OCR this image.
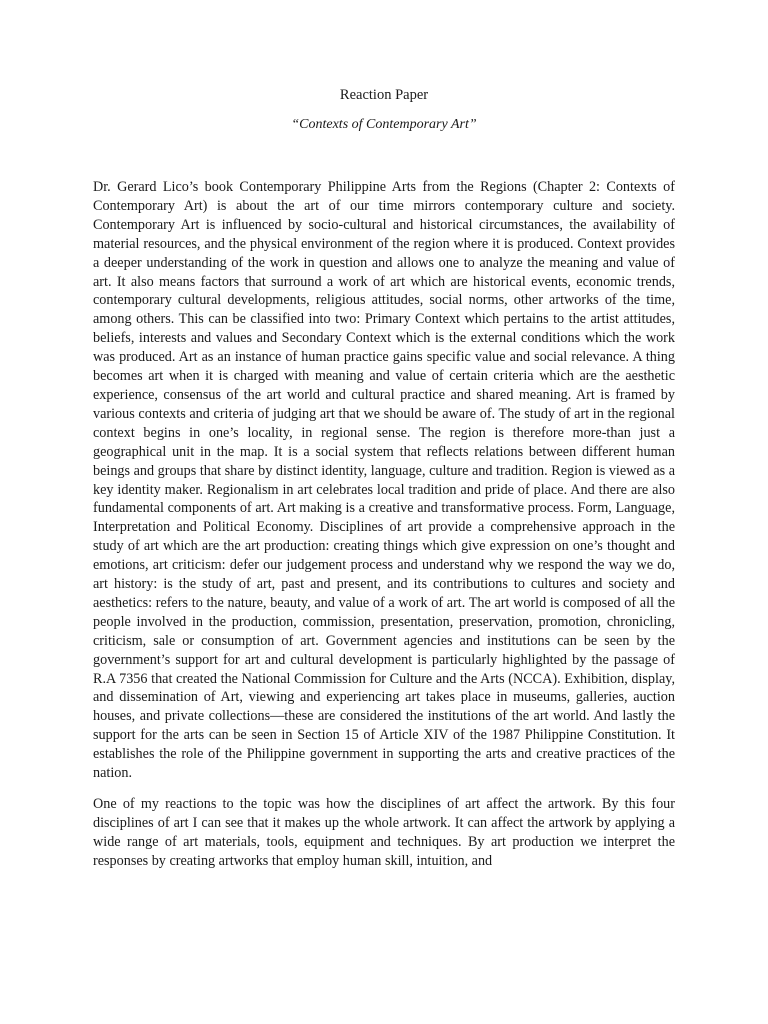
Reaction Paper

“Contexts of Contemporary Art”

Dr. Gerard Lico’s book Contemporary Philippine Arts from the Regions (Chapter 2: Contexts of Contemporary Art) is about the art of our time mirrors contemporary culture and society. Contemporary Art is influenced by socio-cultural and historical circumstances, the availability of material resources, and the physical environment of the region where it is produced. Context provides a deeper understanding of the work in question and allows one to analyze the meaning and value of art. It also means factors that surround a work of art which are historical events, economic trends, contemporary cultural developments, religious attitudes, social norms, other artworks of the time, among others. This can be classified into two: Primary Context which pertains to the artist attitudes, beliefs, interests and values and Secondary Context which is the external conditions which the work was produced. Art as an instance of human practice gains specific value and social relevance. A thing becomes art when it is charged with meaning and value of certain criteria which are the aesthetic experience, consensus of the art world and cultural practice and shared meaning. Art is framed by various contexts and criteria of judging art that we should be aware of. The study of art in the regional context begins in one’s locality, in regional sense. The region is therefore more-than just a geographical unit in the map. It is a social system that reflects relations between different human beings and groups that share by distinct identity, language, culture and tradition. Region is viewed as a key identity maker. Regionalism in art celebrates local tradition and pride of place. And there are also fundamental components of art. Art making is a creative and transformative process. Form, Language, Interpretation and Political Economy. Disciplines of art provide a comprehensive approach in the study of art which are the art production: creating things which give expression on one’s thought and emotions, art criticism: defer our judgement process and understand why we respond the way we do, art history: is the study of art, past and present, and its contributions to cultures and society and aesthetics: refers to the nature, beauty, and value of a work of art. The art world is composed of all the people involved in the production, commission, presentation, preservation, promotion, chronicling, criticism, sale or consumption of art. Government agencies and institutions can be seen by the government’s support for art and cultural development is particularly highlighted by the passage of R.A 7356 that created the National Commission for Culture and the Arts (NCCA). Exhibition, display, and dissemination of Art, viewing and experiencing art takes place in museums, galleries, auction houses, and private collections—these are considered the institutions of the art world. And lastly the support for the arts can be seen in Section 15 of Article XIV of the 1987 Philippine Constitution. It establishes the role of the Philippine government in supporting the arts and creative practices of the nation.

One of my reactions to the topic was how the disciplines of art affect the artwork. By this four disciplines of art I can see that it makes up the whole artwork. It can affect the artwork by applying a wide range of art materials, tools, equipment and techniques. By art production we interpret the responses by creating artworks that employ human skill, intuition, and
